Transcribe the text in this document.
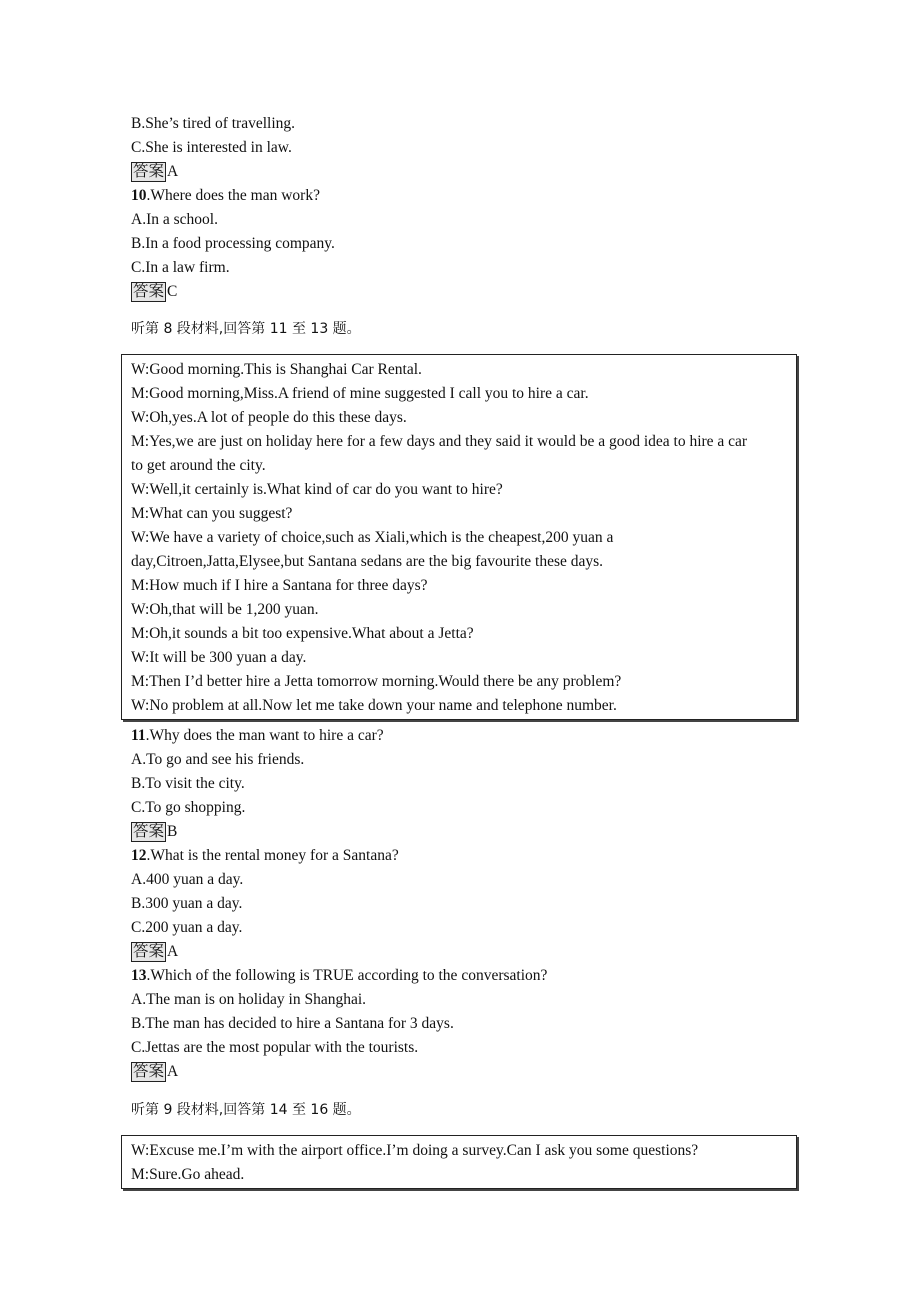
B.She’s tired of travelling.
C.She is interested in law.
答案 A
10.Where does the man work?
A.In a school.
B.In a food processing company.
C.In a law firm.
答案 C
听第 8 段材料,回答第 11 至 13 题。
W:Good morning.This is Shanghai Car Rental.
M:Good morning,Miss.A friend of mine suggested I call you to hire a car.
W:Oh,yes.A lot of people do this these days.
M:Yes,we are just on holiday here for a few days and they said it would be a good idea to hire a car
to get around the city.
W:Well,it certainly is.What kind of car do you want to hire?
M:What can you suggest?
W:We have a variety of choice,such as Xiali,which is the cheapest,200 yuan a
day,Citroen,Jatta,Elysee,but Santana sedans are the big favourite these days.
M:How much if I hire a Santana for three days?
W:Oh,that will be 1,200 yuan.
M:Oh,it sounds a bit too expensive.What about a Jetta?
W:It will be 300 yuan a day.
M:Then I’d better hire a Jetta tomorrow morning.Would there be any problem?
W:No problem at all.Now let me take down your name and telephone number.
11.Why does the man want to hire a car?
A.To go and see his friends.
B.To visit the city.
C.To go shopping.
答案 B
12.What is the rental money for a Santana?
A.400 yuan a day.
B.300 yuan a day.
C.200 yuan a day.
答案 A
13.Which of the following is TRUE according to the conversation?
A.The man is on holiday in Shanghai.
B.The man has decided to hire a Santana for 3 days.
C.Jettas are the most popular with the tourists.
答案 A
听第 9 段材料,回答第 14 至 16 题。
W:Excuse me.I’m with the airport office.I’m doing a survey.Can I ask you some questions?
M:Sure.Go ahead.
